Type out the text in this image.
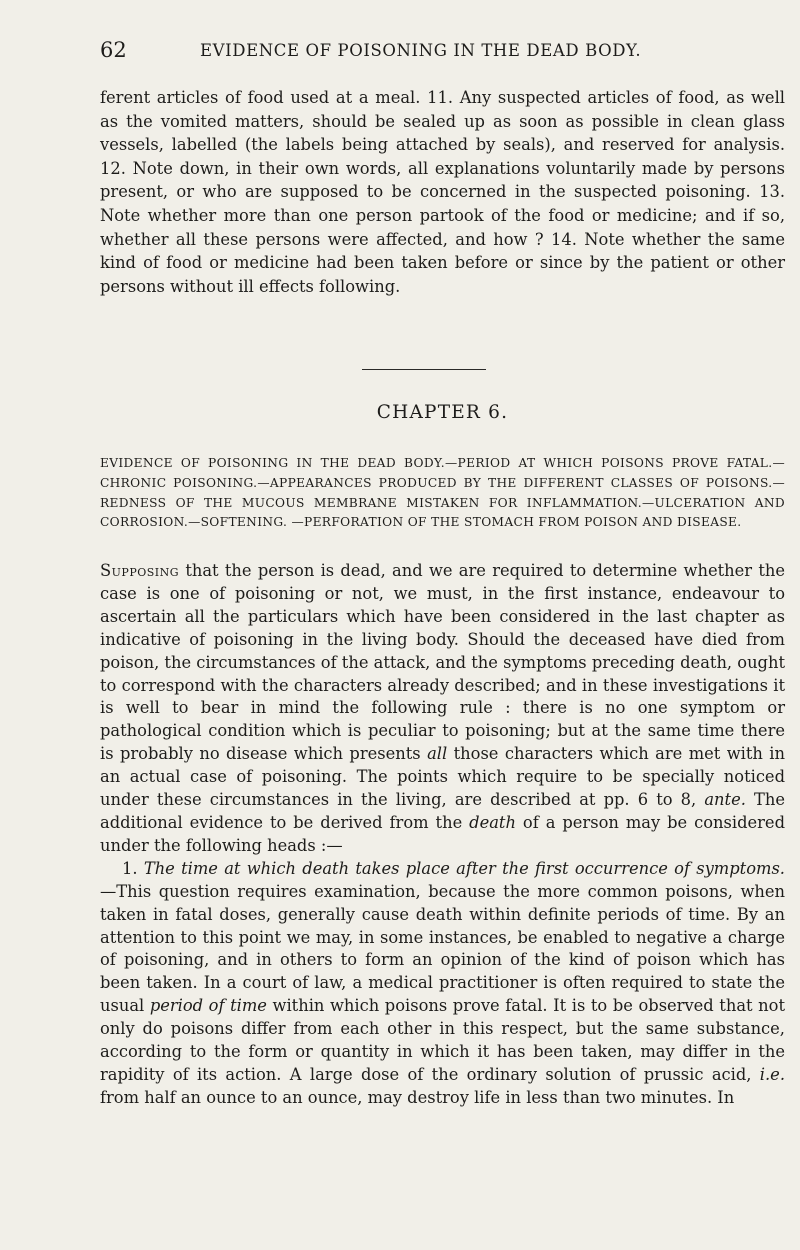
62	EVIDENCE OF POISONING IN THE DEAD BODY.

ferent articles of food used at a meal. 11. Any suspected articles of food, as well as the vomited matters, should be sealed up as soon as possible in clean glass vessels, labelled (the labels being attached by seals), and reserved for analysis. 12. Note down, in their own words, all explanations voluntarily made by persons present, or who are supposed to be concerned in the suspected poisoning. 13. Note whether more than one person partook of the food or medicine; and if so, whether all these persons were affected, and how ? 14. Note whether the same kind of food or medicine had been taken before or since by the patient or other persons without ill effects following.

CHAPTER 6.

EVIDENCE OF POISONING IN THE DEAD BODY.—PERIOD AT WHICH POISONS PROVE FATAL.—CHRONIC POISONING.—APPEARANCES PRODUCED BY THE DIFFERENT CLASSES OF POISONS.—REDNESS OF THE MUCOUS MEMBRANE MISTAKEN FOR INFLAMMATION.—ULCERATION AND CORROSION.—SOFTENING. —PERFORATION OF THE STOMACH FROM POISON AND DISEASE.

Supposing that the person is dead, and we are required to determine whether the case is one of poisoning or not, we must, in the first instance, endeavour to ascertain all the particulars which have been considered in the last chapter as indicative of poisoning in the living body. Should the deceased have died from poison, the circumstances of the attack, and the symptoms preceding death, ought to correspond with the characters already described; and in these investigations it is well to bear in mind the following rule : there is no one symptom or pathological condition which is peculiar to poisoning; but at the same time there is probably no disease which presents all those characters which are met with in an actual case of poisoning. The points which require to be specially noticed under these circumstances in the living, are described at pp. 6 to 8, ante. The additional evidence to be derived from the death of a person may be considered under the following heads :—

1. The time at which death takes place after the first occurrence of symptoms.—This question requires examination, because the more common poisons, when taken in fatal doses, generally cause death within definite periods of time. By an attention to this point we may, in some instances, be enabled to negative a charge of poisoning, and in others to form an opinion of the kind of poison which has been taken. In a court of law, a medical practitioner is often required to state the usual period of time within which poisons prove fatal. It is to be observed that not only do poisons differ from each other in this respect, but the same substance, according to the form or quantity in which it has been taken, may differ in the rapidity of its action. A large dose of the ordinary solution of prussic acid, i.e. from half an ounce to an ounce, may destroy life in less than two minutes. In
